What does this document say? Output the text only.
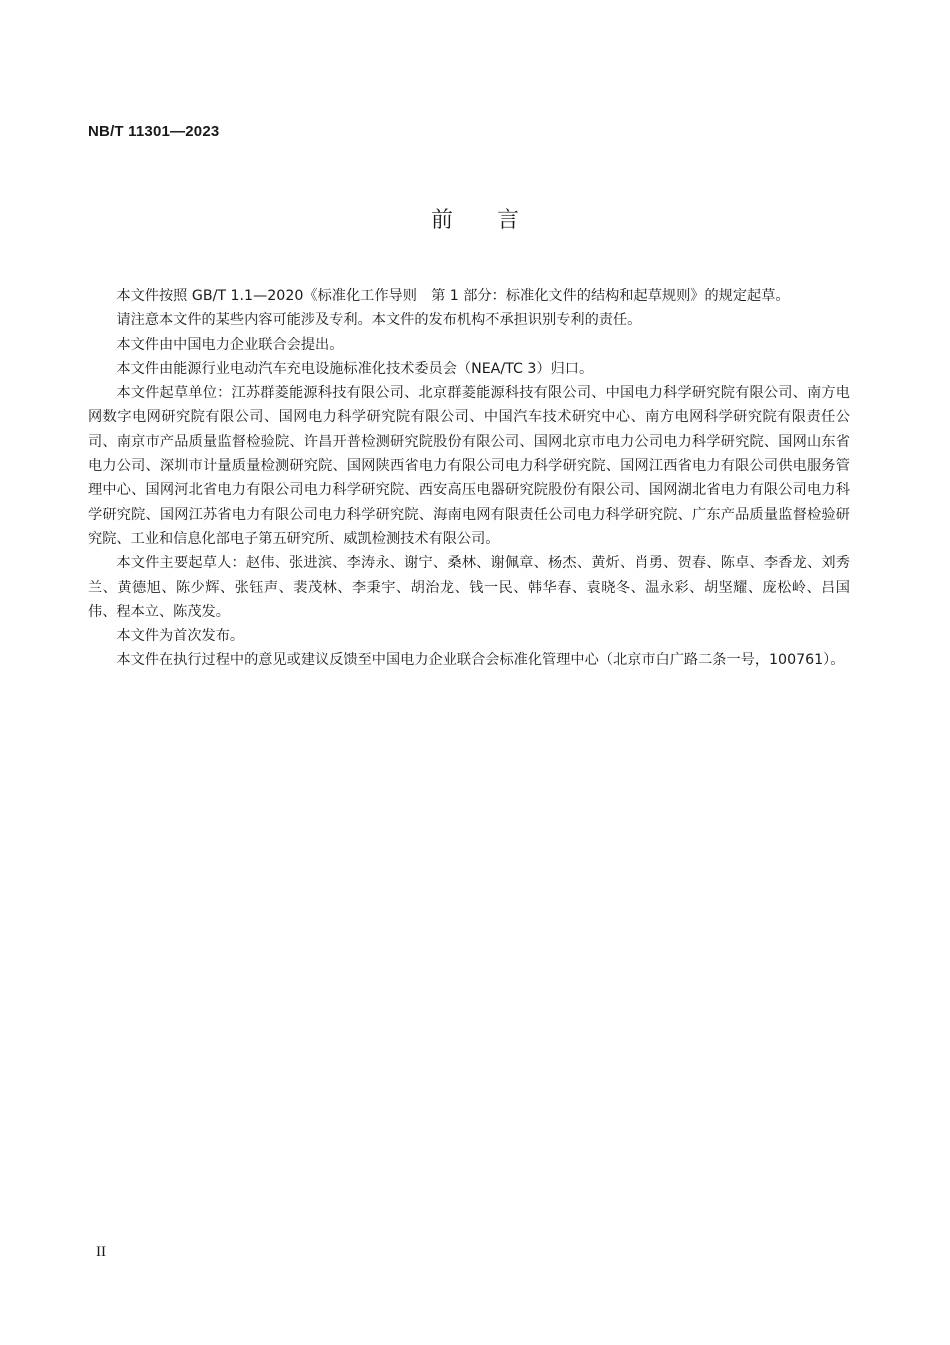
NB/T 11301—2023
前 言

本文件按照 GB/T 1.1—2020《标准化工作导则　第 1 部分：标准化文件的结构和起草规则》的规定起草。

请注意本文件的某些内容可能涉及专利。本文件的发布机构不承担识别专利的责任。

本文件由中国电力企业联合会提出。

本文件由能源行业电动汽车充电设施标准化技术委员会（NEA/TC 3）归口。

本文件起草单位：江苏群菱能源科技有限公司、北京群菱能源科技有限公司、中国电力科学研究院有限公司、南方电网数字电网研究院有限公司、国网电力科学研究院有限公司、中国汽车技术研究中心、南方电网科学研究院有限责任公司、南京市产品质量监督检验院、许昌开普检测研究院股份有限公司、国网北京市电力公司电力科学研究院、国网山东省电力公司、深圳市计量质量检测研究院、国网陕西省电力有限公司电力科学研究院、国网江西省电力有限公司供电服务管理中心、国网河北省电力有限公司电力科学研究院、西安高压电器研究院股份有限公司、国网湖北省电力有限公司电力科学研究院、国网江苏省电力有限公司电力科学研究院、海南电网有限责任公司电力科学研究院、广东产品质量监督检验研究院、工业和信息化部电子第五研究所、威凯检测技术有限公司。

本文件主要起草人：赵伟、张进滨、李涛永、谢宁、桑林、谢佩章、杨杰、黄炘、肖勇、贺春、陈卓、李香龙、刘秀兰、黄德旭、陈少辉、张钰声、裴茂林、李秉宇、胡治龙、钱一民、韩华春、袁晓冬、温永彩、胡坚耀、庞松岭、吕国伟、程本立、陈茂发。

本文件为首次发布。

本文件在执行过程中的意见或建议反馈至中国电力企业联合会标准化管理中心（北京市白广路二条一号，100761）。

II
